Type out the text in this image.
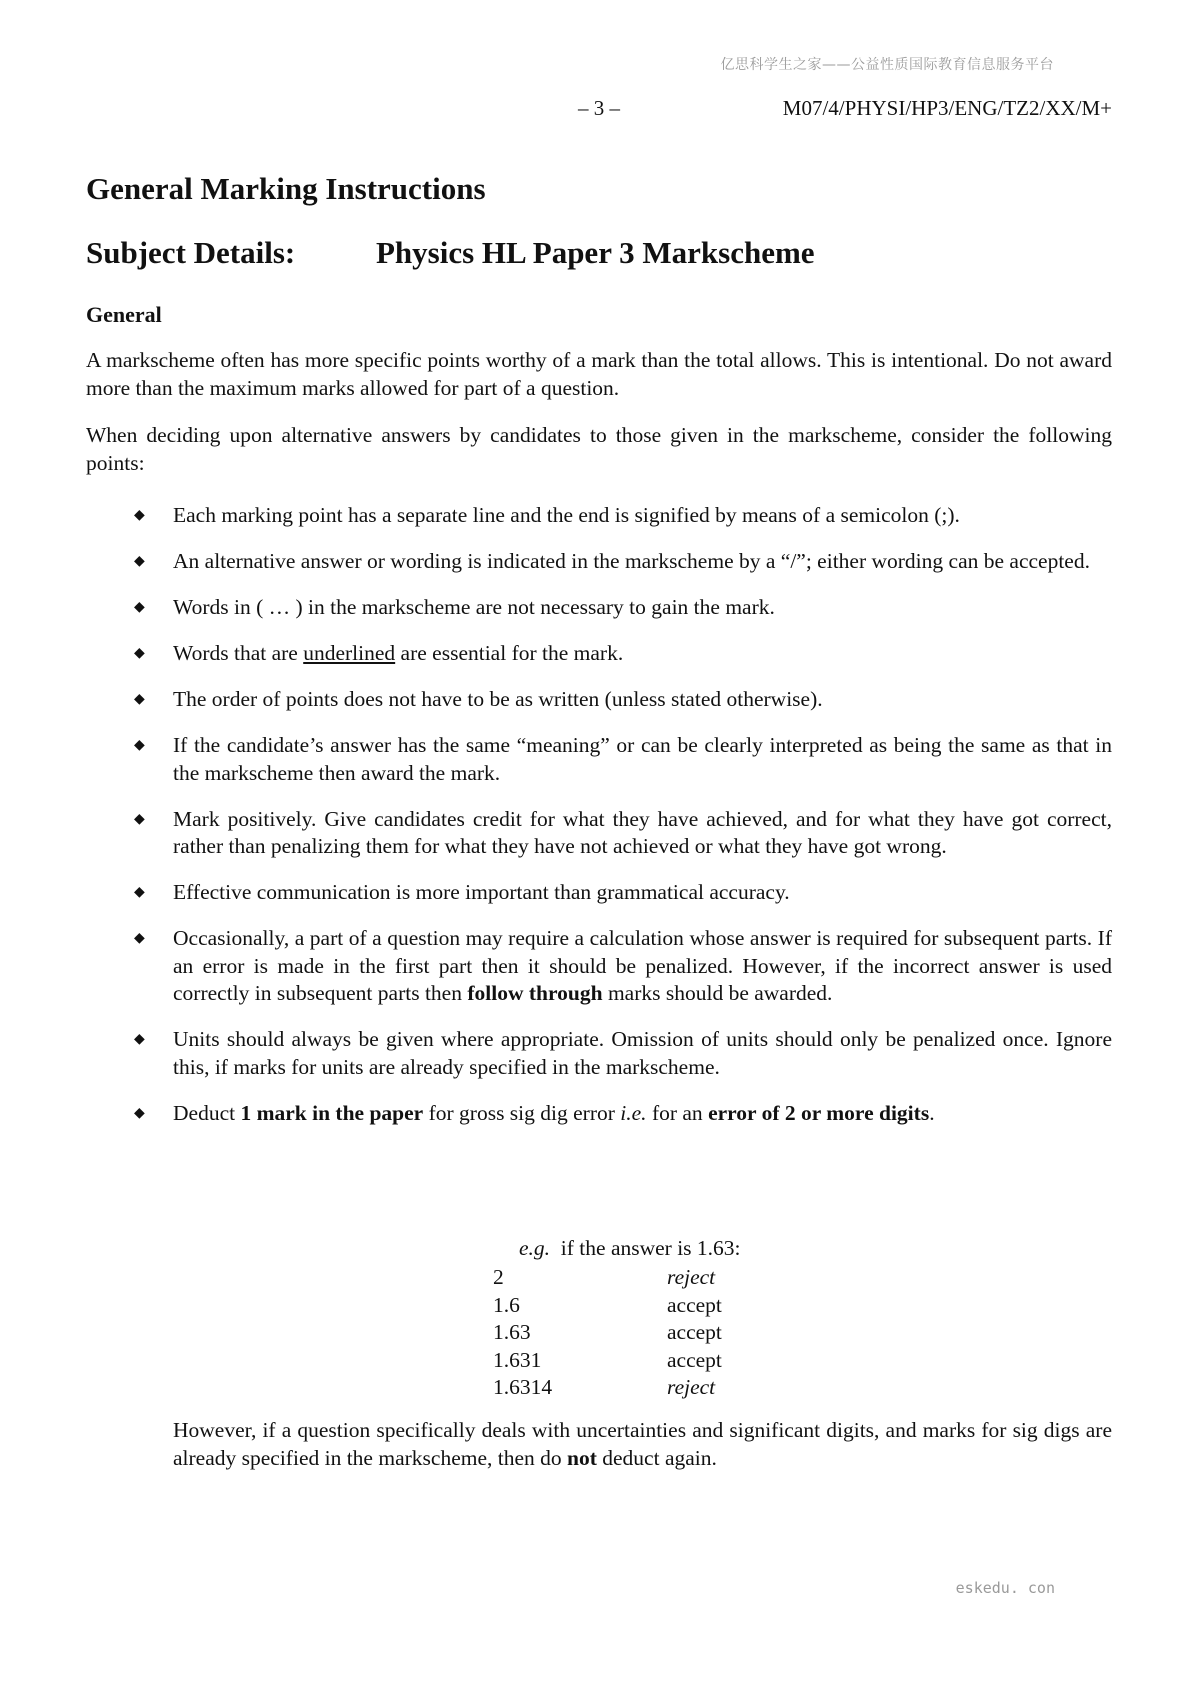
亿思科学生之家——公益性质国际教育信息服务平台
– 3 –	M07/4/PHYSI/HP3/ENG/TZ2/XX/M+
General Marking Instructions
Subject Details:	Physics HL Paper 3 Markscheme
General

A markscheme often has more specific points worthy of a mark than the total allows. This is intentional. Do not award more than the maximum marks allowed for part of a question.

When deciding upon alternative answers by candidates to those given in the markscheme, consider the following points:

◆ Each marking point has a separate line and the end is signified by means of a semicolon (;).
◆ An alternative answer or wording is indicated in the markscheme by a “/”; either wording can be accepted.
◆ Words in ( … ) in the markscheme are not necessary to gain the mark.
◆ Words that are underlined are essential for the mark.
◆ The order of points does not have to be as written (unless stated otherwise).
◆ If the candidate’s answer has the same “meaning” or can be clearly interpreted as being the same as that in the markscheme then award the mark.
◆ Mark positively. Give candidates credit for what they have achieved, and for what they have got correct, rather than penalizing them for what they have not achieved or what they have got wrong.
◆ Effective communication is more important than grammatical accuracy.
◆ Occasionally, a part of a question may require a calculation whose answer is required for subsequent parts. If an error is made in the first part then it should be penalized. However, if the incorrect answer is used correctly in subsequent parts then follow through marks should be awarded.
◆ Units should always be given where appropriate. Omission of units should only be penalized once. Ignore this, if marks for units are already specified in the markscheme.
◆ Deduct 1 mark in the paper for gross sig dig error i.e. for an error of 2 or more digits.
e.g.  if the answer is 1.63:
2	reject
1.6	accept
1.63	accept
1.631	accept
1.6314	reject

However, if a question specifically deals with uncertainties and significant digits, and marks for sig digs are already specified in the markscheme, then do not deduct again.

eskedu. con
